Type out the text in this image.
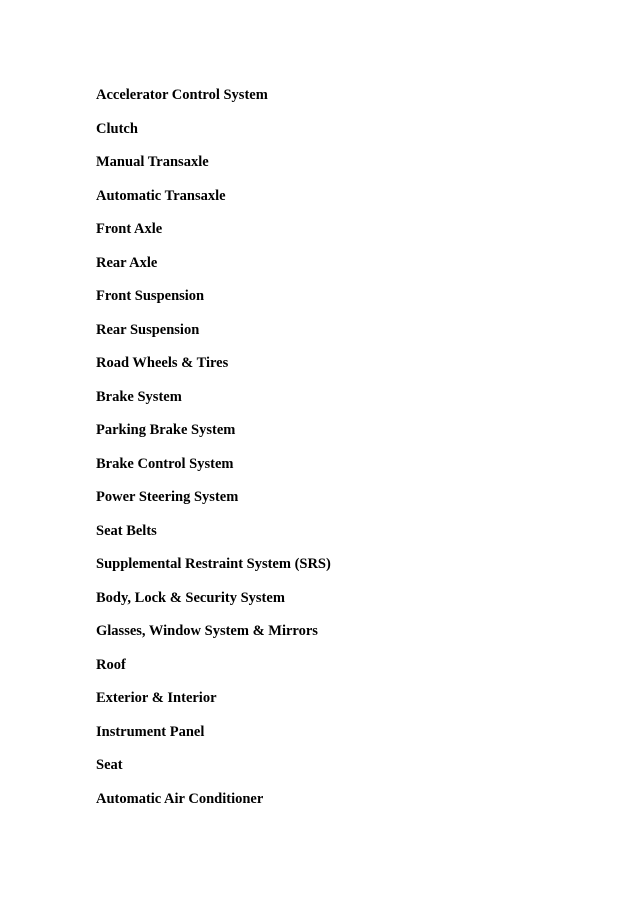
Accelerator Control System
Clutch
Manual Transaxle
Automatic Transaxle
Front Axle
Rear Axle
Front Suspension
Rear Suspension
Road Wheels & Tires
Brake System
Parking Brake System
Brake Control System
Power Steering System
Seat Belts
Supplemental Restraint System (SRS)
Body, Lock & Security System
Glasses, Window System & Mirrors
Roof
Exterior & Interior
Instrument Panel
Seat
Automatic Air Conditioner
